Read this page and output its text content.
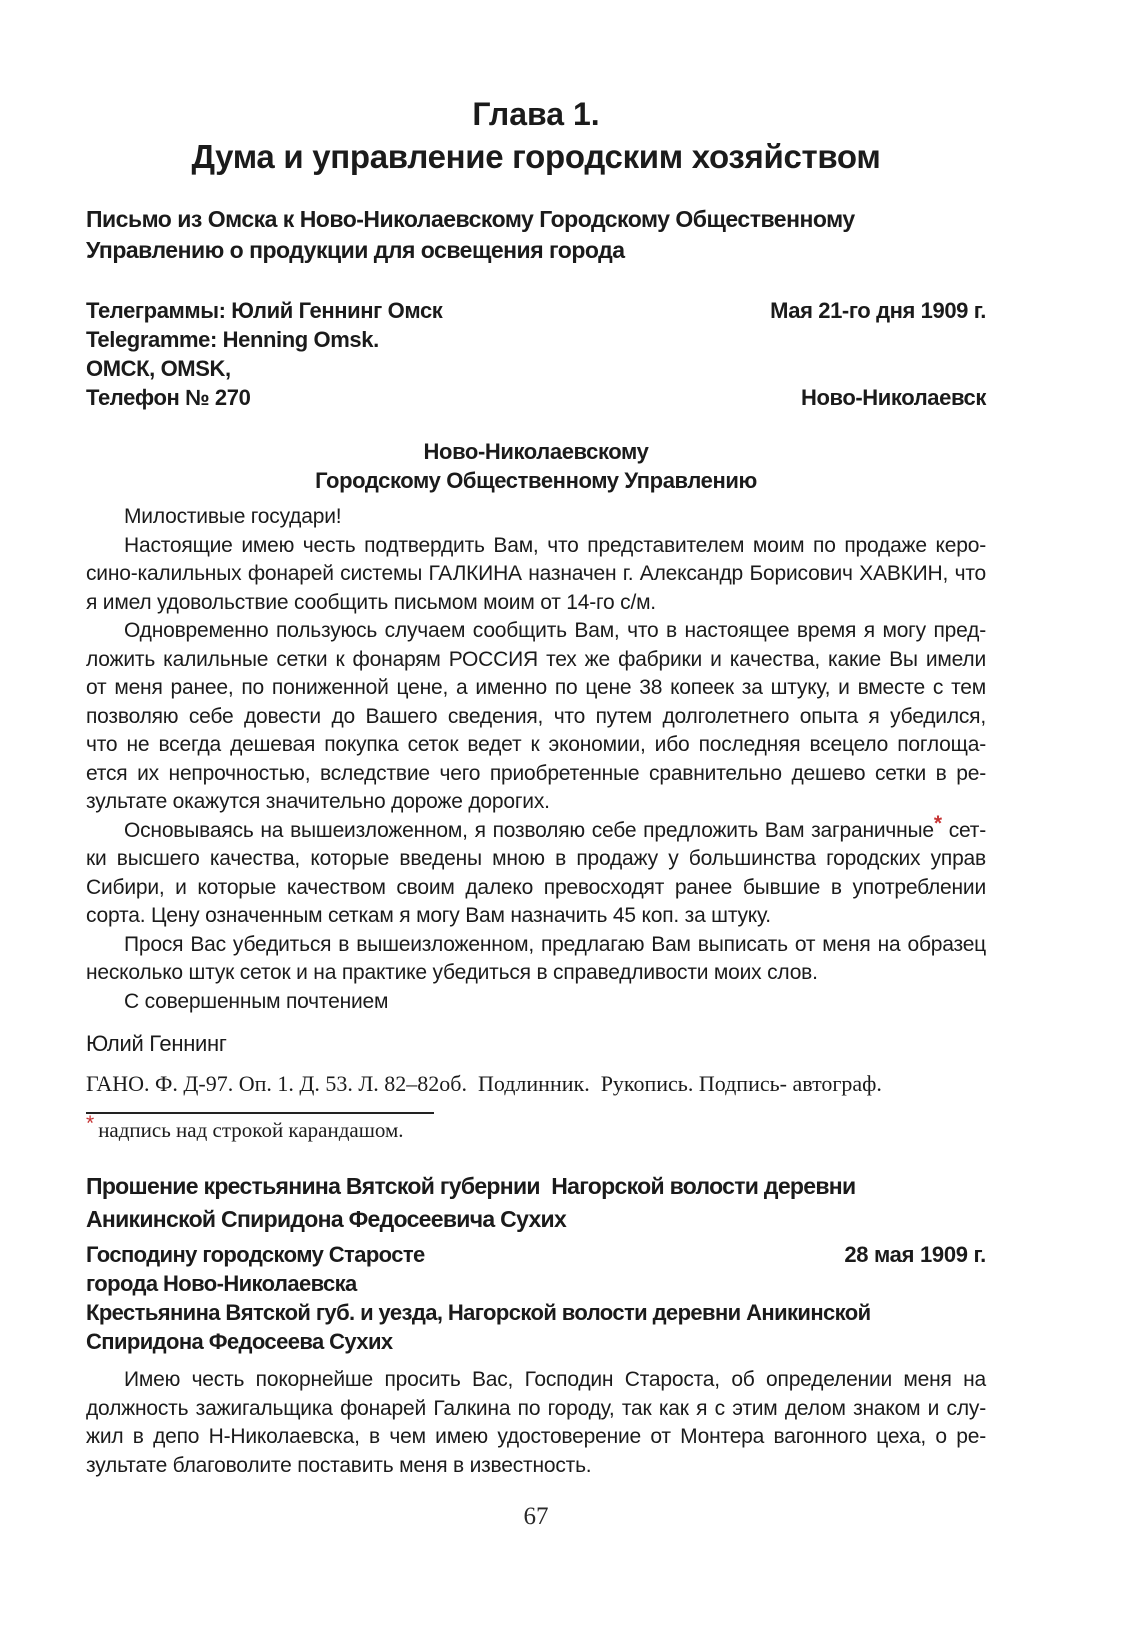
Глава 1.
Дума и управление городским хозяйством
Письмо из Омска к Ново-Николаевскому Городскому Общественному
Управлению о продукции для освещения города
Телеграммы: Юлий Геннинг Омск
Telegramme: Henning Omsk.
ОМСК, OMSK,
Телефон № 270
Мая 21-го дня 1909 г.
Ново-Николаевск
Ново-Николаевскому
Городскому Общественному Управлению
Милостивые государи!
Настоящие имею честь подтвердить Вам, что представителем моим по продаже керо-
сино-калильных фонарей системы ГАЛКИНА назначен г. Александр Борисович ХАВКИН, что
я имел удовольствие сообщить письмом моим от 14-го с/м.
Одновременно пользуюсь случаем сообщить Вам, что в настоящее время я могу пред-
ложить калильные сетки к фонарям РОССИЯ тех же фабрики и качества, какие Вы имели
от меня ранее, по пониженной цене, а именно по цене 38 копеек за штуку, и вместе с тем
позволяю себе довести до Вашего сведения, что путем долголетнего опыта я убедился,
что не всегда дешевая покупка сеток ведет к экономии, ибо последняя всецело поглоща-
ется их непрочностью, вследствие чего приобретенные сравнительно дешево сетки в ре-
зультате окажутся значительно дороже дорогих.
Основываясь на вышеизложенном, я позволяю себе предложить Вам заграничные* сет-
ки высшего качества, которые введены мною в продажу у большинства городских управ
Сибири, и которые качеством своим далеко превосходят ранее бывшие в употреблении
сорта. Цену означенным сеткам я могу Вам назначить 45 коп. за штуку.
Прося Вас убедиться в вышеизложенном, предлагаю Вам выписать от меня на образец
несколько штук сеток и на практике убедиться в справедливости моих слов.
С совершенным почтением
Юлий Геннинг
ГАНО. Ф. Д-97. Оп. 1. Д. 53. Л. 82–82об.  Подлинник.  Рукопись. Подпись- автограф.
* надпись над строкой карандашом.
Прошение крестьянина Вятской губернии  Нагорской волости деревни
Аникинской Спиридона Федосеевича Сухих
Господину городскому Старосте	28 мая 1909 г.
города Ново-Николаевска
Крестьянина Вятской губ. и уезда, Нагорской волости деревни Аникинской
Спиридона Федосеева Сухих
Имею честь покорнейше просить Вас, Господин Староста, об определении меня на
должность зажигальщика фонарей Галкина по городу, так как я с этим делом знаком и слу-
жил в депо Н-Николаевска, в чем имею удостоверение от Монтера вагонного цеха, о ре-
зультате благоволите поставить меня в известность.
67
